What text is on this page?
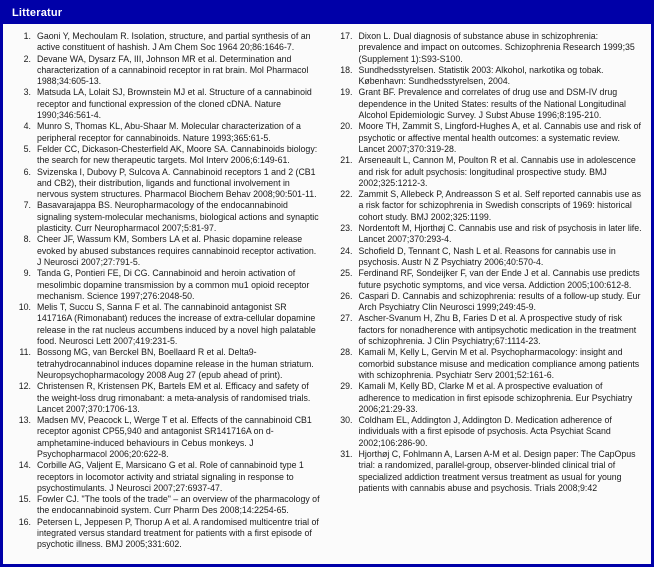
Litteratur
Gaoni Y, Mechoulam R. Isolation, structure, and partial synthesis of an active constituent of hashish. J Am Chem Soc 1964 20;86:1646-7.
Devane WA, Dysarz FA, III, Johnson MR et al. Determination and characterization of a cannabinoid receptor in rat brain. Mol Pharmacol 1988;34:605-13.
Matsuda LA, Lolait SJ, Brownstein MJ et al. Structure of a cannabinoid receptor and functional expression of the cloned cDNA. Nature 1990;346:561-4.
Munro S, Thomas KL, Abu-Shaar M. Molecular characterization of a peripheral receptor for cannabinoids. Nature 1993;365:61-5.
Felder CC, Dickason-Chesterfield AK, Moore SA. Cannabinoids biology: the search for new therapeutic targets. Mol Interv 2006;6:149-61.
Svizenska I, Dubovy P, Sulcova A. Cannabinoid receptors 1 and 2 (CB1 and CB2), their distribution, ligands and functional involvement in nervous system structures. Pharmacol Biochem Behav 2008;90:501-11.
Basavarajappa BS. Neuropharmacology of the endocannabinoid signaling system-molecular mechanisms, biological actions and synaptic plasticity. Curr Neuropharmacol 2007;5:81-97.
Cheer JF, Wassum KM, Sombers LA et al. Phasic dopamine release evoked by abused substances requires cannabinoid receptor activation. J Neurosci 2007;27:791-5.
Tanda G, Pontieri FE, Di CG. Cannabinoid and heroin activation of mesolimbic dopamine transmission by a common mu1 opioid receptor mechanism. Science 1997;276:2048-50.
Melis T, Succu S, Sanna F et al. The cannabinoid antagonist SR 141716A (Rimonabant) reduces the increase of extra-cellular dopamine release in the rat nucleus accumbens induced by a novel high palatable food. Neurosci Lett 2007;419:231-5.
Bossong MG, van Berckel BN, Boellaard R et al. Delta9-tetrahydrocannabinol induces dopamine release in the human striatum. Neuropsychopharmacology 2008 Aug 27 (epub ahead of print).
Christensen R, Kristensen PK, Bartels EM et al. Efficacy and safety of the weight-loss drug rimonabant: a meta-analysis of randomised trials. Lancet 2007;370:1706-13.
Madsen MV, Peacock L, Werge T et al. Effects of the cannabinoid CB1 receptor agonist CP55,940 and antagonist SR141716A on d-amphetamine-induced behaviours in Cebus monkeys. J Psychopharmacol 2006;20:622-8.
Corbille AG, Valjent E, Marsicano G et al. Role of cannabinoid type 1 receptors in locomotor activity and striatal signaling in response to psychostimulants. J Neurosci 2007;27:6937-47.
Fowler CJ. "The tools of the trade" – an overview of the pharmacology of the endocannabinoid system. Curr Pharm Des 2008;14:2254-65.
Petersen L, Jeppesen P, Thorup A et al. A randomised multicentre trial of integrated versus standard treatment for patients with a first episode of psychotic illness. BMJ 2005;331:602.
Dixon L. Dual diagnosis of substance abuse in schizophrenia: prevalence and impact on outcomes. Schizophrenia Research 1999;35 (Supplement 1):S93-S100.
Sundhedsstyrelsen. Statistik 2003: Alkohol, narkotika og tobak. København: Sundhedsstyrelsen, 2004.
Grant BF. Prevalence and correlates of drug use and DSM-IV drug dependence in the United States: results of the National Longitudinal Alcohol Epidemiologic Survey. J Subst Abuse 1996;8:195-210.
Moore TH, Zammit S, Lingford-Hughes A, et al. Cannabis use and risk of psychotic or affective mental health outcomes: a systematic review. Lancet 2007;370:319-28.
Arseneault L, Cannon M, Poulton R et al. Cannabis use in adolescence and risk for adult psychosis: longitudinal prospective study. BMJ 2002;325:1212-3.
Zammit S, Allebeck P, Andreasson S et al. Self reported cannabis use as a risk factor for schizophrenia in Swedish conscripts of 1969: historical cohort study. BMJ 2002;325:1199.
Nordentoft M, Hjorthøj C. Cannabis use and risk of psychosis in later life. Lancet 2007;370:293-4.
Schofield D, Tennant C, Nash L et al. Reasons for cannabis use in psychosis. Austr N Z Psychiatry 2006;40:570-4.
Ferdinand RF, Sondeijker F, van der Ende J et al. Cannabis use predicts future psychotic symptoms, and vice versa. Addiction 2005;100:612-8.
Caspari D. Cannabis and schizophrenia: results of a follow-up study. Eur Arch Psychiatry Clin Neurosci 1999;249:45-9.
Ascher-Svanum H, Zhu B, Faries D et al. A prospective study of risk factors for nonadherence with antipsychotic medication in the treatment of schizophrenia. J Clin Psychiatry;67:1114-23.
Kamali M, Kelly L, Gervin M et al. Psychopharmacology: insight and comorbid substance misuse and medication compliance among patients with schizophrenia. Psychiatr Serv 2001;52:161-6.
Kamali M, Kelly BD, Clarke M et al. A prospective evaluation of adherence to medication in first episode schizophrenia. Eur Psychiatry 2006;21:29-33.
Coldham EL, Addington J, Addington D. Medication adherence of individuals with a first episode of psychosis. Acta Psychiat Scand 2002;106:286-90.
Hjorthøj C, Fohlmann A, Larsen A-M et al. Design paper: The CapOpus trial: a randomized, parallel-group, observer-blinded clinical trial of specialized addiction treatment versus treatment as usual for young patients with cannabis abuse and psychosis. Trials 2008;9:42
